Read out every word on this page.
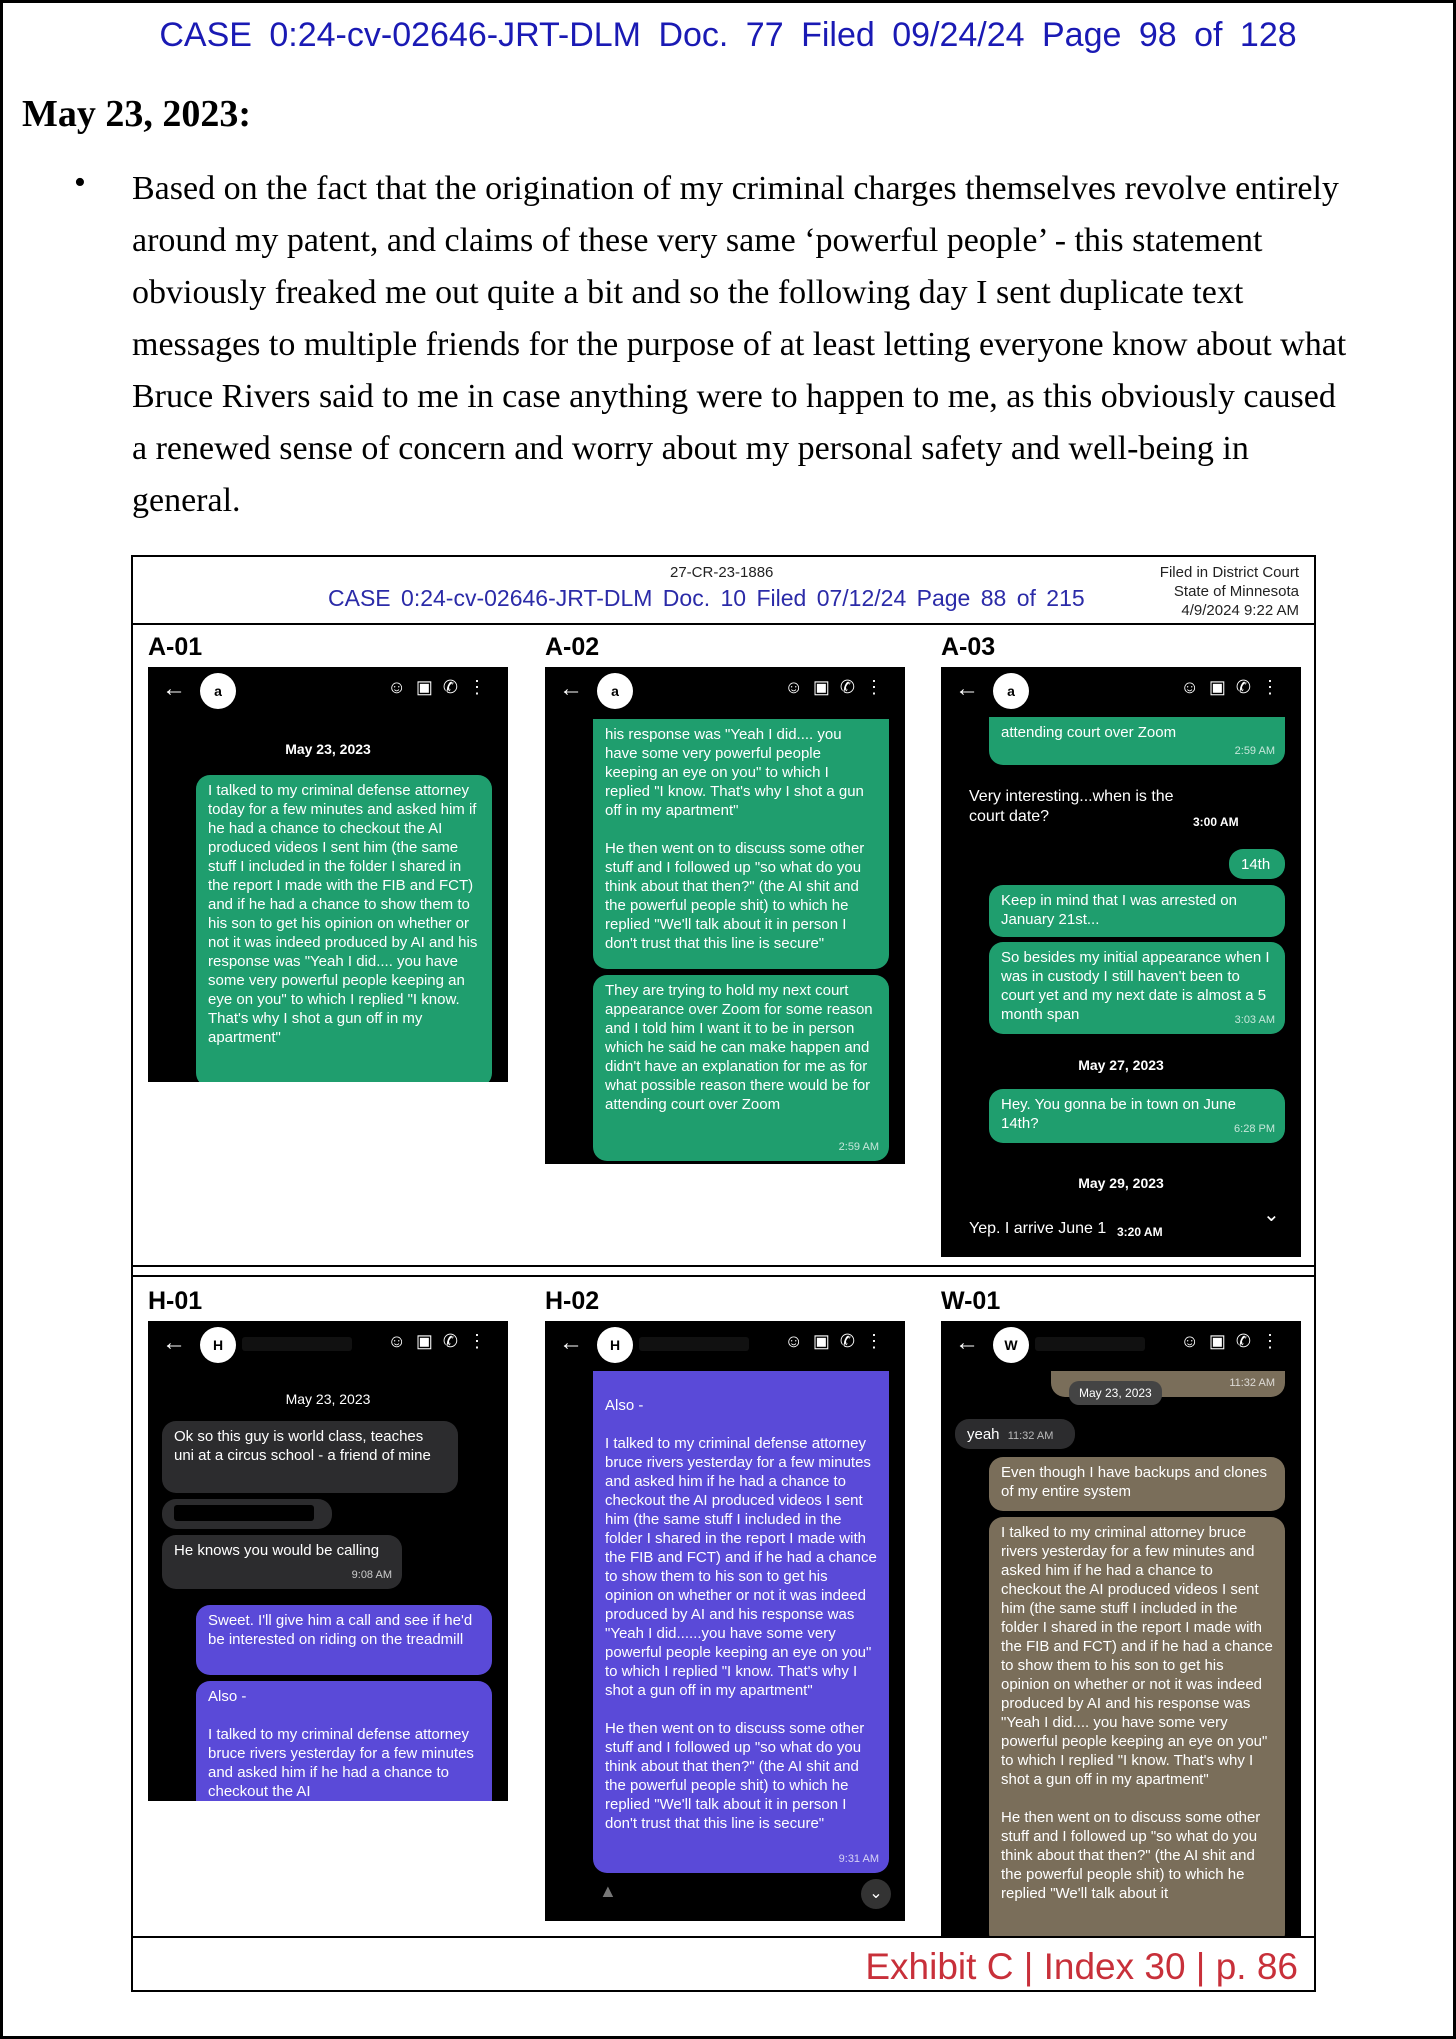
CASE 0:24-cv-02646-JRT-DLM Doc. 77 Filed 09/24/24 Page 98 of 128
May 23, 2023:
• Based on the fact that the origination of my criminal charges themselves revolve entirely
around my patent, and claims of these very same ‘powerful people’ - this statement
obviously freaked me out quite a bit and so the following day I sent duplicate text
messages to multiple friends for the purpose of at least letting everyone know about what
Bruce Rivers said to me in case anything were to happen to me, as this obviously caused
a renewed sense of concern and worry about my personal safety and well-being in
general.
27-CR-23-1886
CASE 0:24-cv-02646-JRT-DLM Doc. 10 Filed 07/12/24 Page 88 of 215
Filed in District Court
State of Minnesota
4/9/2024 9:22 AM
A-01
←	a	☺▣✆⋮
May 23, 2023
I talked to my criminal defense attorney today for a few minutes and asked him if he had a chance to checkout the AI produced videos I sent him (the same stuff I included in the folder I shared in the report I made with the FIB and FCT) and if he had a chance to show them to his son to get his opinion on whether or not it was indeed produced by AI and his response was "Yeah I did.... you have some very powerful people keeping an eye on you" to which I replied "I know. That's why I shot a gun off in my apartment"
A-02
←	a	☺▣✆⋮
his response was "Yeah I did.... you have some very powerful people keeping an eye on you" to which I replied "I know. That's why I shot a gun off in my apartment"

He then went on to discuss some other stuff and I followed up "so what do you think about that then?" (the AI shit and the powerful people shit) to which he replied "We'll talk about it in person I don't trust that this line is secure"
They are trying to hold my next court appearance over Zoom for some reason and I told him I want it to be in person which he said he can make happen and didn't have an explanation for me as for what possible reason there would be for attending court over Zoom
2:59 AM
A-03
←	a	☺▣✆⋮
attending court over Zoom
2:59 AM
Very interesting...when is the court date?	3:00 AM
14th
Keep in mind that I was arrested on January 21st...
So besides my initial appearance when I was in custody I still haven't been to court yet and my next date is almost a 5 month span	3:03 AM
May 27, 2023
Hey. You gonna be in town on June 14th?	6:28 PM
May 29, 2023
Yep. I arrive June 1 3:20 AM
⌄
H-01
←	H	☺▣✆⋮
May 23, 2023
Ok so this guy is world class, teaches uni at a circus school - a friend of mine
He knows you would be calling
9:08 AM
Sweet. I'll give him a call and see if he'd be interested on riding on the treadmill
Also -

I talked to my criminal defense attorney bruce rivers yesterday for a few minutes and asked him if he had a chance to checkout the AI
H-02
←	H	☺▣✆⋮

Also -

I talked to my criminal defense attorney bruce rivers yesterday for a few minutes and asked him if he had a chance to checkout the AI produced videos I sent him (the same stuff I included in the folder I shared in the report I made with the FIB and FCT) and if he had a chance to show them to his son to get his opinion on whether or not it was indeed produced by AI and his response was "Yeah I did......you have some very powerful people keeping an eye on you" to which I replied "I know. That's why I shot a gun off in my apartment"

He then went on to discuss some other stuff and I followed up "so what do you think about that then?" (the AI shit and the powerful people shit) to which he replied "We'll talk about it in person I don't trust that this line is secure"

9:31 AM

▲	⌄
W-01
←	W	☺▣✆⋮
11:32 AM
May 23, 2023
yeah 11:32 AM
Even though I have backups and clones of my entire system
I talked to my criminal attorney bruce rivers yesterday for a few minutes and asked him if he had a chance to checkout the AI produced videos I sent him (the same stuff I included in the folder I shared in the report I made with the FIB and FCT) and if he had a chance to show them to his son to get his opinion on whether or not it was indeed produced by AI and his response was "Yeah I did.... you have some very powerful people keeping an eye on you" to which I replied "I know. That's why I shot a gun off in my apartment"

He then went on to discuss some other stuff and I followed up "so what do you think about that then?" (the AI shit and the powerful people shit) to which he replied "We'll talk about it
Exhibit C | Index 30 | p. 86
